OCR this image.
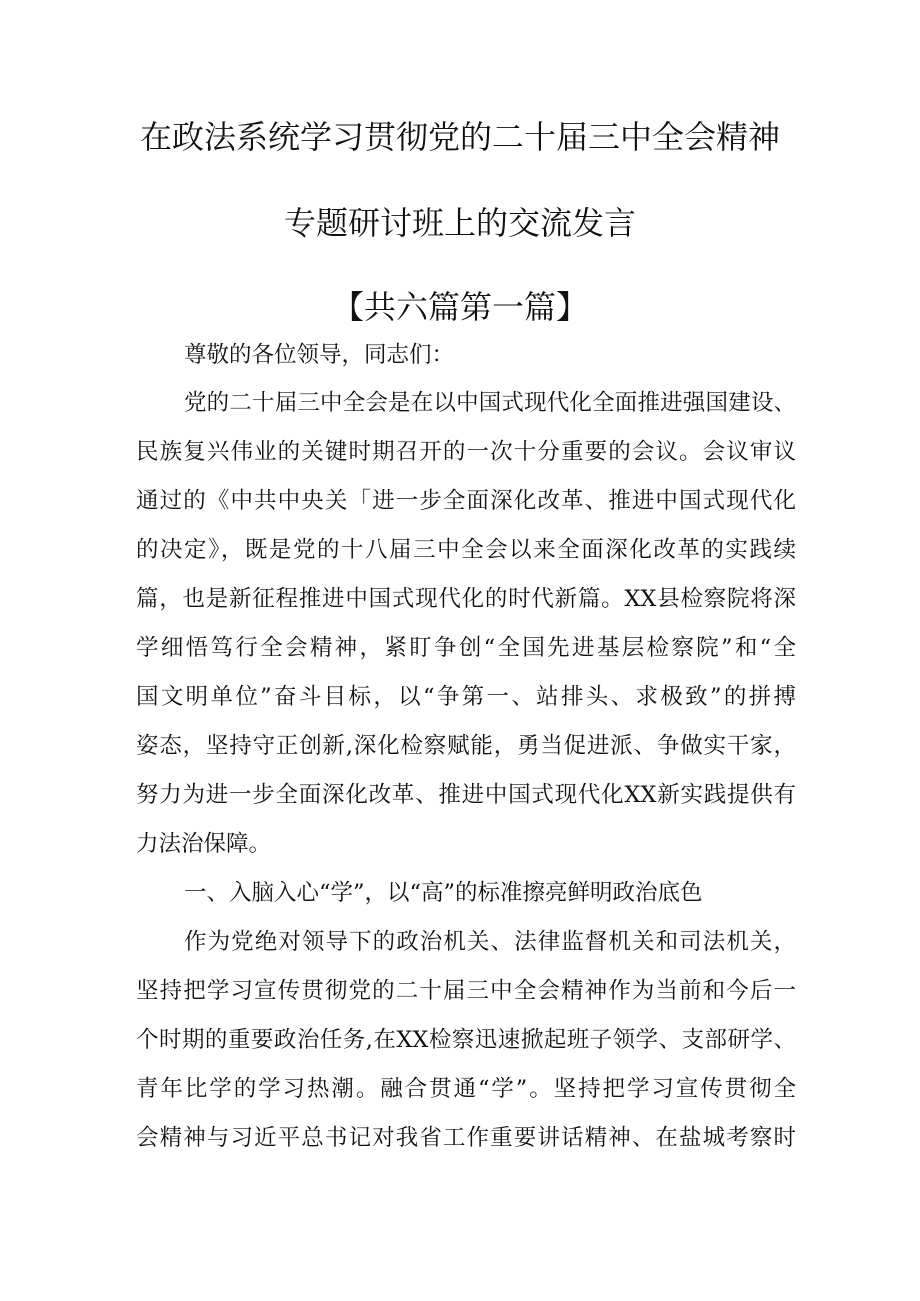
在政法系统学习贯彻党的二十届三中全会精神
专题研讨班上的交流发言
【共六篇第一篇】
尊敬的各位领导，同志们：
党的二十届三中全会是在以中国式现代化全面推进强国建设、
民族复兴伟业的关键时期召开的一次十分重要的会议。会议审议
通过的《中共中央关「进一步全面深化改革、推进中国式现代化
的决定》，既是党的十八届三中全会以来全面深化改革的实践续
篇，也是新征程推进中国式现代化的时代新篇。XX县检察院将深
学细悟笃行全会精神，紧盯争创“全国先进基层检察院”和“全
国文明单位”奋斗目标，以“争第一、站排头、求极致”的拼搏
姿态，坚持守正创新,深化检察赋能，勇当促进派、争做实干家，
努力为进一步全面深化改革、推进中国式现代化XX新实践提供有
力法治保障。
一、入脑入心“学”，以“高”的标准擦亮鲜明政治底色
作为党绝对领导下的政治机关、法律监督机关和司法机关，
坚持把学习宣传贯彻党的二十届三中全会精神作为当前和今后一
个时期的重要政治任务,在XX检察迅速掀起班子领学、支部研学、
青年比学的学习热潮。融合贯通“学”。坚持把学习宣传贯彻全
会精神与习近平总书记对我省工作重要讲话精神、在盐城考察时
